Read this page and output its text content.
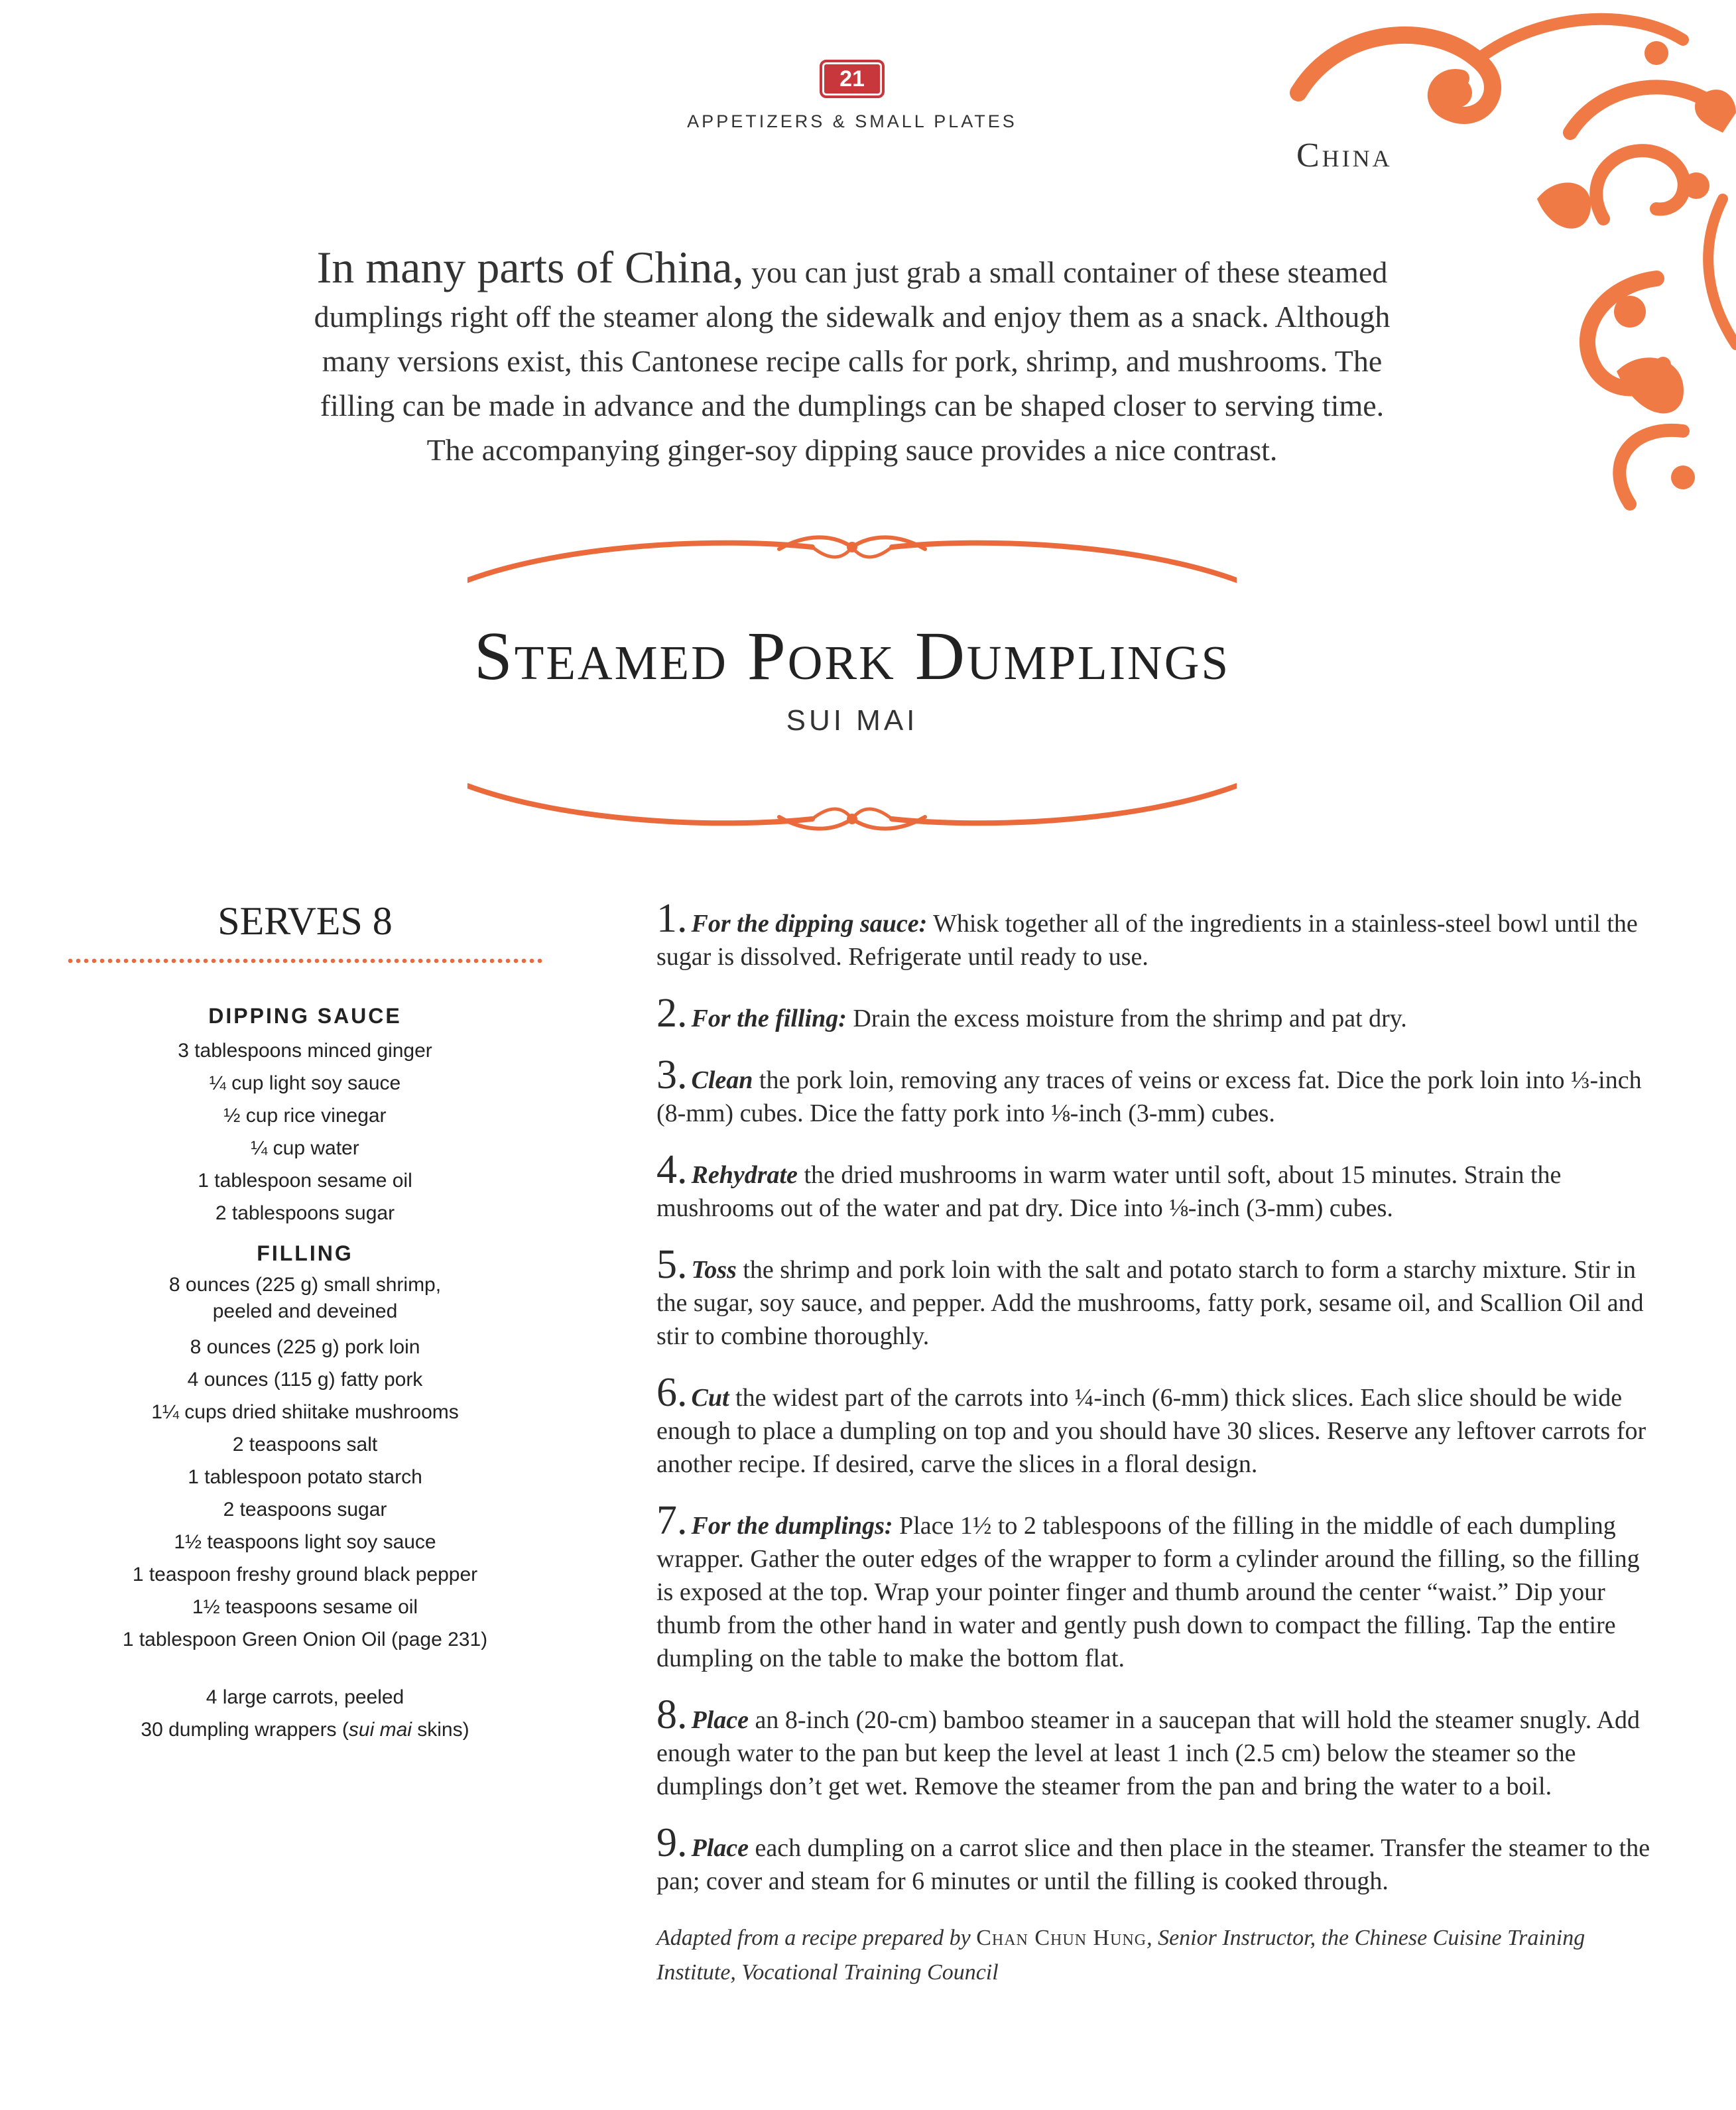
21
APPETIZERS & SMALL PLATES
China
In many parts of China, you can just grab a small container of these steamed
dumplings right off the steamer along the sidewalk and enjoy them as a snack. Although
many versions exist, this Cantonese recipe calls for pork, shrimp, and mushrooms. The
filling can be made in advance and the dumplings can be shaped closer to serving time.
The accompanying ginger-soy dipping sauce provides a nice contrast.
Steamed Pork Dumplings
SUI MAI
SERVES 8
DIPPING SAUCE
3 tablespoons minced ginger
¼ cup light soy sauce
½ cup rice vinegar
¼ cup water
1 tablespoon sesame oil
2 tablespoons sugar
FILLING
8 ounces (225 g) small shrimp,
peeled and deveined
8 ounces (225 g) pork loin
4 ounces (115 g) fatty pork
1¼ cups dried shiitake mushrooms
2 teaspoons salt
1 tablespoon potato starch
2 teaspoons sugar
1½ teaspoons light soy sauce
1 teaspoon freshy ground black pepper
1½ teaspoons sesame oil
1 tablespoon Green Onion Oil (page 231)
4 large carrots, peeled
30 dumpling wrappers (sui mai skins)

1. For the dipping sauce: Whisk together all of the ingredients in a stainless-steel bowl until the sugar is dissolved. Refrigerate until ready to use.

2. For the filling: Drain the excess moisture from the shrimp and pat dry.

3. Clean the pork loin, removing any traces of veins or excess fat. Dice the pork loin into ⅓-inch (8-mm) cubes. Dice the fatty pork into ⅛-inch (3-mm) cubes.

4. Rehydrate the dried mushrooms in warm water until soft, about 15 minutes. Strain the mushrooms out of the water and pat dry. Dice into ⅛-inch (3-mm) cubes.

5. Toss the shrimp and pork loin with the salt and potato starch to form a starchy mixture. Stir in the sugar, soy sauce, and pepper. Add the mushrooms, fatty pork, sesame oil, and Scallion Oil and stir to combine thoroughly.

6. Cut the widest part of the carrots into ¼-inch (6-mm) thick slices. Each slice should be wide enough to place a dumpling on top and you should have 30 slices. Reserve any leftover carrots for another recipe. If desired, carve the slices in a floral design.

7. For the dumplings: Place 1½ to 2 tablespoons of the filling in the middle of each dumpling wrapper. Gather the outer edges of the wrapper to form a cylinder around the filling, so the filling is exposed at the top. Wrap your pointer finger and thumb around the center “waist.” Dip your thumb from the other hand in water and gently push down to compact the filling. Tap the entire dumpling on the table to make the bottom flat.

8. Place an 8-inch (20-cm) bamboo steamer in a saucepan that will hold the steamer snugly. Add enough water to the pan but keep the level at least 1 inch (2.5 cm) below the steamer so the dumplings don’t get wet. Remove the steamer from the pan and bring the water to a boil.

9. Place each dumpling on a carrot slice and then place in the steamer. Transfer the steamer to the pan; cover and steam for 6 minutes or until the filling is cooked through.

Adapted from a recipe prepared by Chan Chun Hung, Senior Instructor, the Chinese Cuisine Training Institute, Vocational Training Council
